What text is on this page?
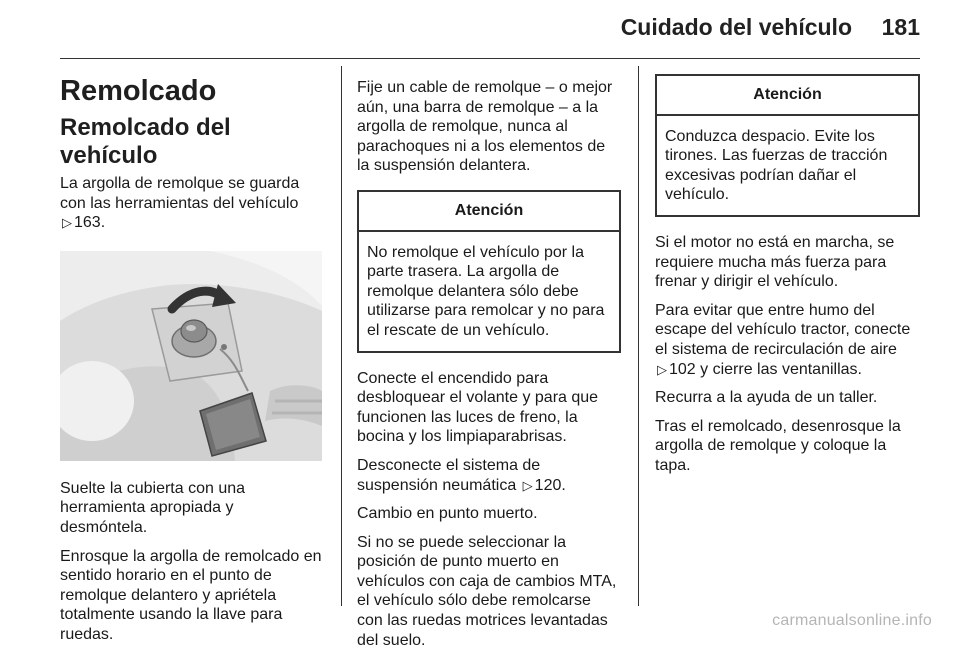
Cuidado del vehículo	181
Remolcado
Remolcado del vehículo

La argolla de remolque se guarda con las herramientas del vehículo ▷ 163.

Suelte la cubierta con una herramienta apropiada y desmóntela.

Enrosque la argolla de remolcado en sentido horario en el punto de remolque delantero y apriétela totalmente usando la llave para ruedas.

Fije un cable de remolque – o mejor aún, una barra de remolque – a la argolla de remolque, nunca al parachoques ni a los elementos de la suspensión delantera.

Atención
No remolque el vehículo por la parte trasera. La argolla de remolque delantera sólo debe utilizarse para remolcar y no para el rescate de un vehículo.

Conecte el encendido para desbloquear el volante y para que funcionen las luces de freno, la bocina y los limpiaparabrisas.

Desconecte el sistema de suspensión neumática ▷ 120.

Cambio en punto muerto.

Si no se puede seleccionar la posición de punto muerto en vehículos con caja de cambios MTA, el vehículo sólo debe remolcarse con las ruedas motrices levantadas del suelo.

Atención
Conduzca despacio. Evite los tirones. Las fuerzas de tracción excesivas podrían dañar el vehículo.

Si el motor no está en marcha, se requiere mucha más fuerza para frenar y dirigir el vehículo.

Para evitar que entre humo del escape del vehículo tractor, conecte el sistema de recirculación de aire ▷ 102 y cierre las ventanillas.

Recurra a la ayuda de un taller.

Tras el remolcado, desenrosque la argolla de remolque y coloque la tapa.

carmanualsonline.info
